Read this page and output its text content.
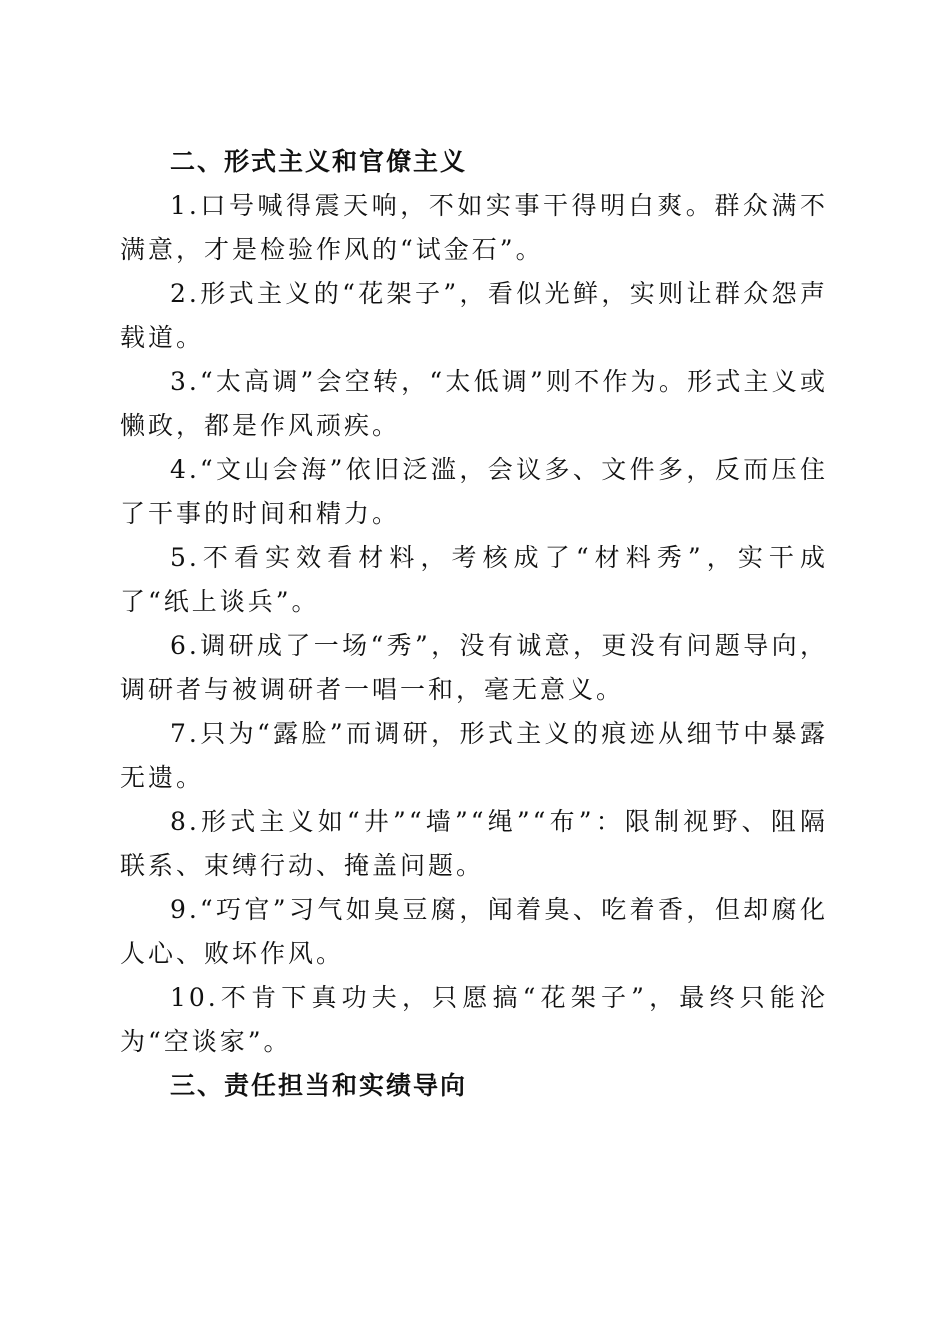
二、形式主义和官僚主义

1.口号喊得震天响，不如实事干得明白爽。群众满不满意，才是检验作风的“试金石”。

2.形式主义的“花架子”，看似光鲜，实则让群众怨声载道。

3.“太高调”会空转，“太低调”则不作为。形式主义或懒政，都是作风顽疾。

4.“文山会海”依旧泛滥，会议多、文件多，反而压住了干事的时间和精力。

5.不看实效看材料，考核成了“材料秀”，实干成了“纸上谈兵”。

6.调研成了一场“秀”，没有诚意，更没有问题导向，调研者与被调研者一唱一和，毫无意义。

7.只为“露脸”而调研，形式主义的痕迹从细节中暴露无遗。

8.形式主义如“井”“墙”“绳”“布”：限制视野、阻隔联系、束缚行动、掩盖问题。

9.“巧官”习气如臭豆腐，闻着臭、吃着香，但却腐化人心、败坏作风。

10.不肯下真功夫，只愿搞“花架子”，最终只能沦为“空谈家”。

三、责任担当和实绩导向
